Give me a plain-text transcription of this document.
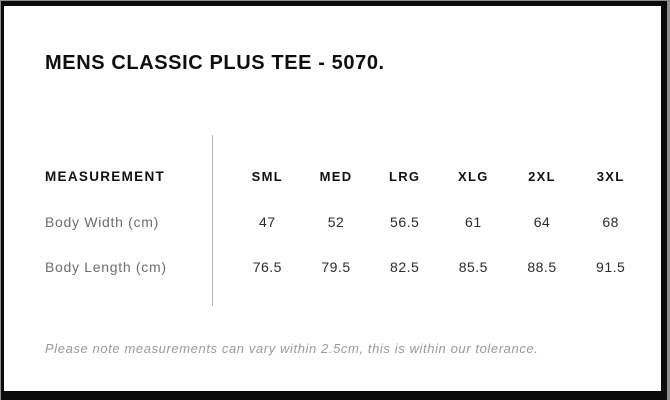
MENS CLASSIC PLUS TEE - 5070.
MEASUREMENT	SML	MED	LRG	XLG	2XL	3XL
Body Width (cm)	47	52	56.5	61	64	68
Body Length (cm)	76.5	79.5	82.5	85.5	88.5	91.5

Please note measurements can vary within 2.5cm, this is within our tolerance.
